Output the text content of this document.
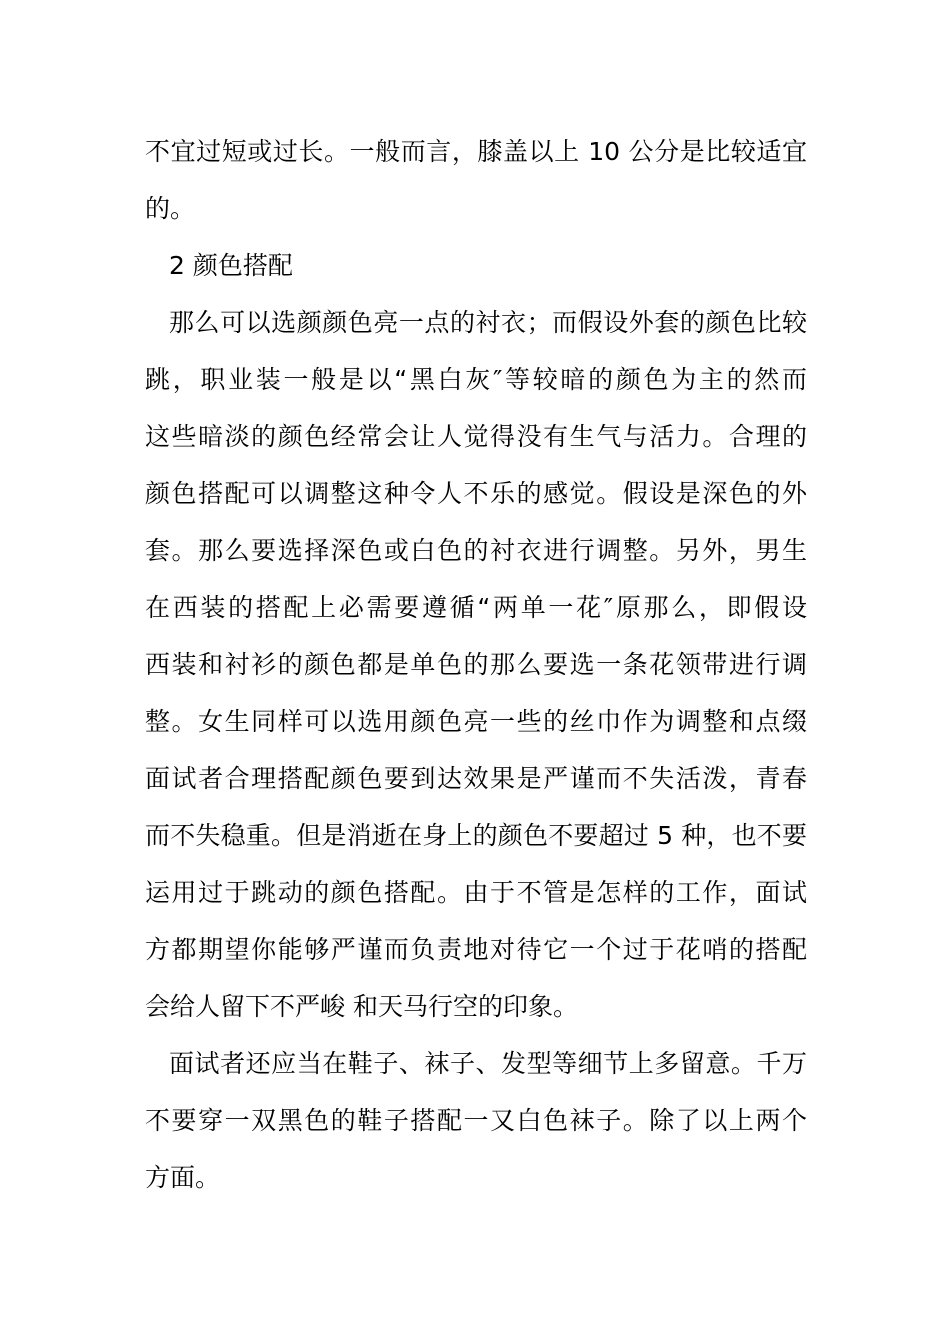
不宜过短或过长。一般而言，膝盖以上 10 公分是比较适宜
的。
2 颜色搭配
那么可以选颜颜色亮一点的衬衣；而假设外套的颜色比较
跳，职业装一般是以“黑白灰″等较暗的颜色为主的然而
这些暗淡的颜色经常会让人觉得没有生气与活力。合理的
颜色搭配可以调整这种令人不乐的感觉。假设是深色的外
套。那么要选择深色或白色的衬衣进行调整。另外，男生
在西装的搭配上必需要遵循“两单一花″原那么，即假设
西装和衬衫的颜色都是单色的那么要选一条花领带进行调
整。女生同样可以选用颜色亮一些的丝巾作为调整和点缀
面试者合理搭配颜色要到达效果是严谨而不失活泼，青春
而不失稳重。但是消逝在身上的颜色不要超过 5 种，也不要
运用过于跳动的颜色搭配。由于不管是怎样的工作，面试
方都期望你能够严谨而负责地对待它一个过于花哨的搭配
会给人留下不严峻 和天马行空的印象。
面试者还应当在鞋子、袜子、发型等细节上多留意。千万
不要穿一双黑色的鞋子搭配一又白色袜子。除了以上两个
方面。
